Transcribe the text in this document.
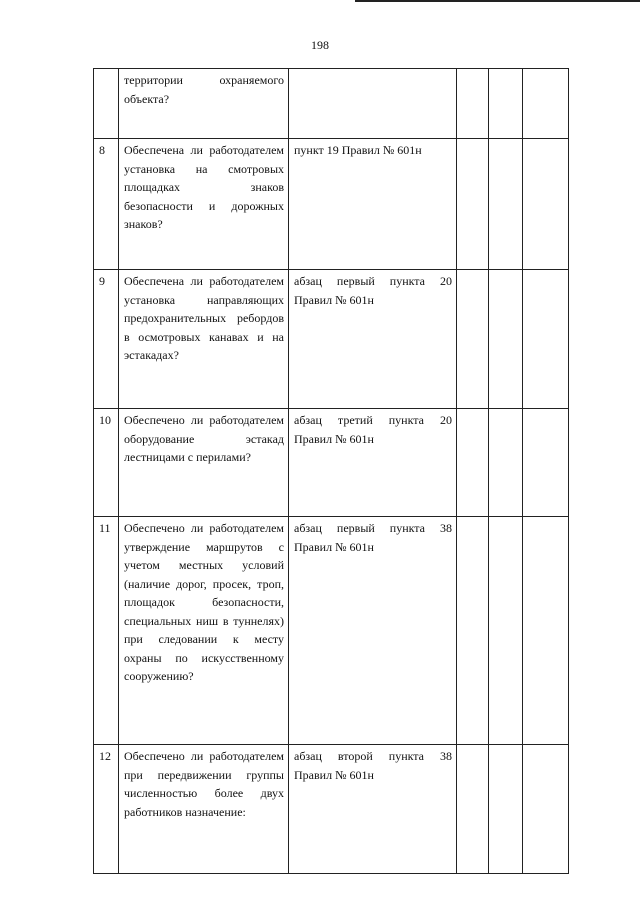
198
	территории охраняемого объекта?				
8	Обеспечена ли работодателем установка на смотровых площадках знаков безопасности и дорожных знаков?	пункт 19 Правил № 601н			
9	Обеспечена ли работодателем установка направляющих предохранительных ребордов в осмотровых канавах и на эстакадах?	абзац первый пункта 20 Правил № 601н			
10	Обеспечено ли работодателем оборудование эстакад лестницами с перилами?	абзац третий пункта 20 Правил № 601н			
11	Обеспечено ли работодателем утверждение маршрутов с учетом местных условий (наличие дорог, просек, троп, площадок безопасности, специальных ниш в туннелях) при следовании к месту охраны по искусственному сооружению?	абзац первый пункта 38 Правил № 601н			
12	Обеспечено ли работодателем при передвижении группы численностью более двух работников назначение:	абзац второй пункта 38 Правил № 601н			
